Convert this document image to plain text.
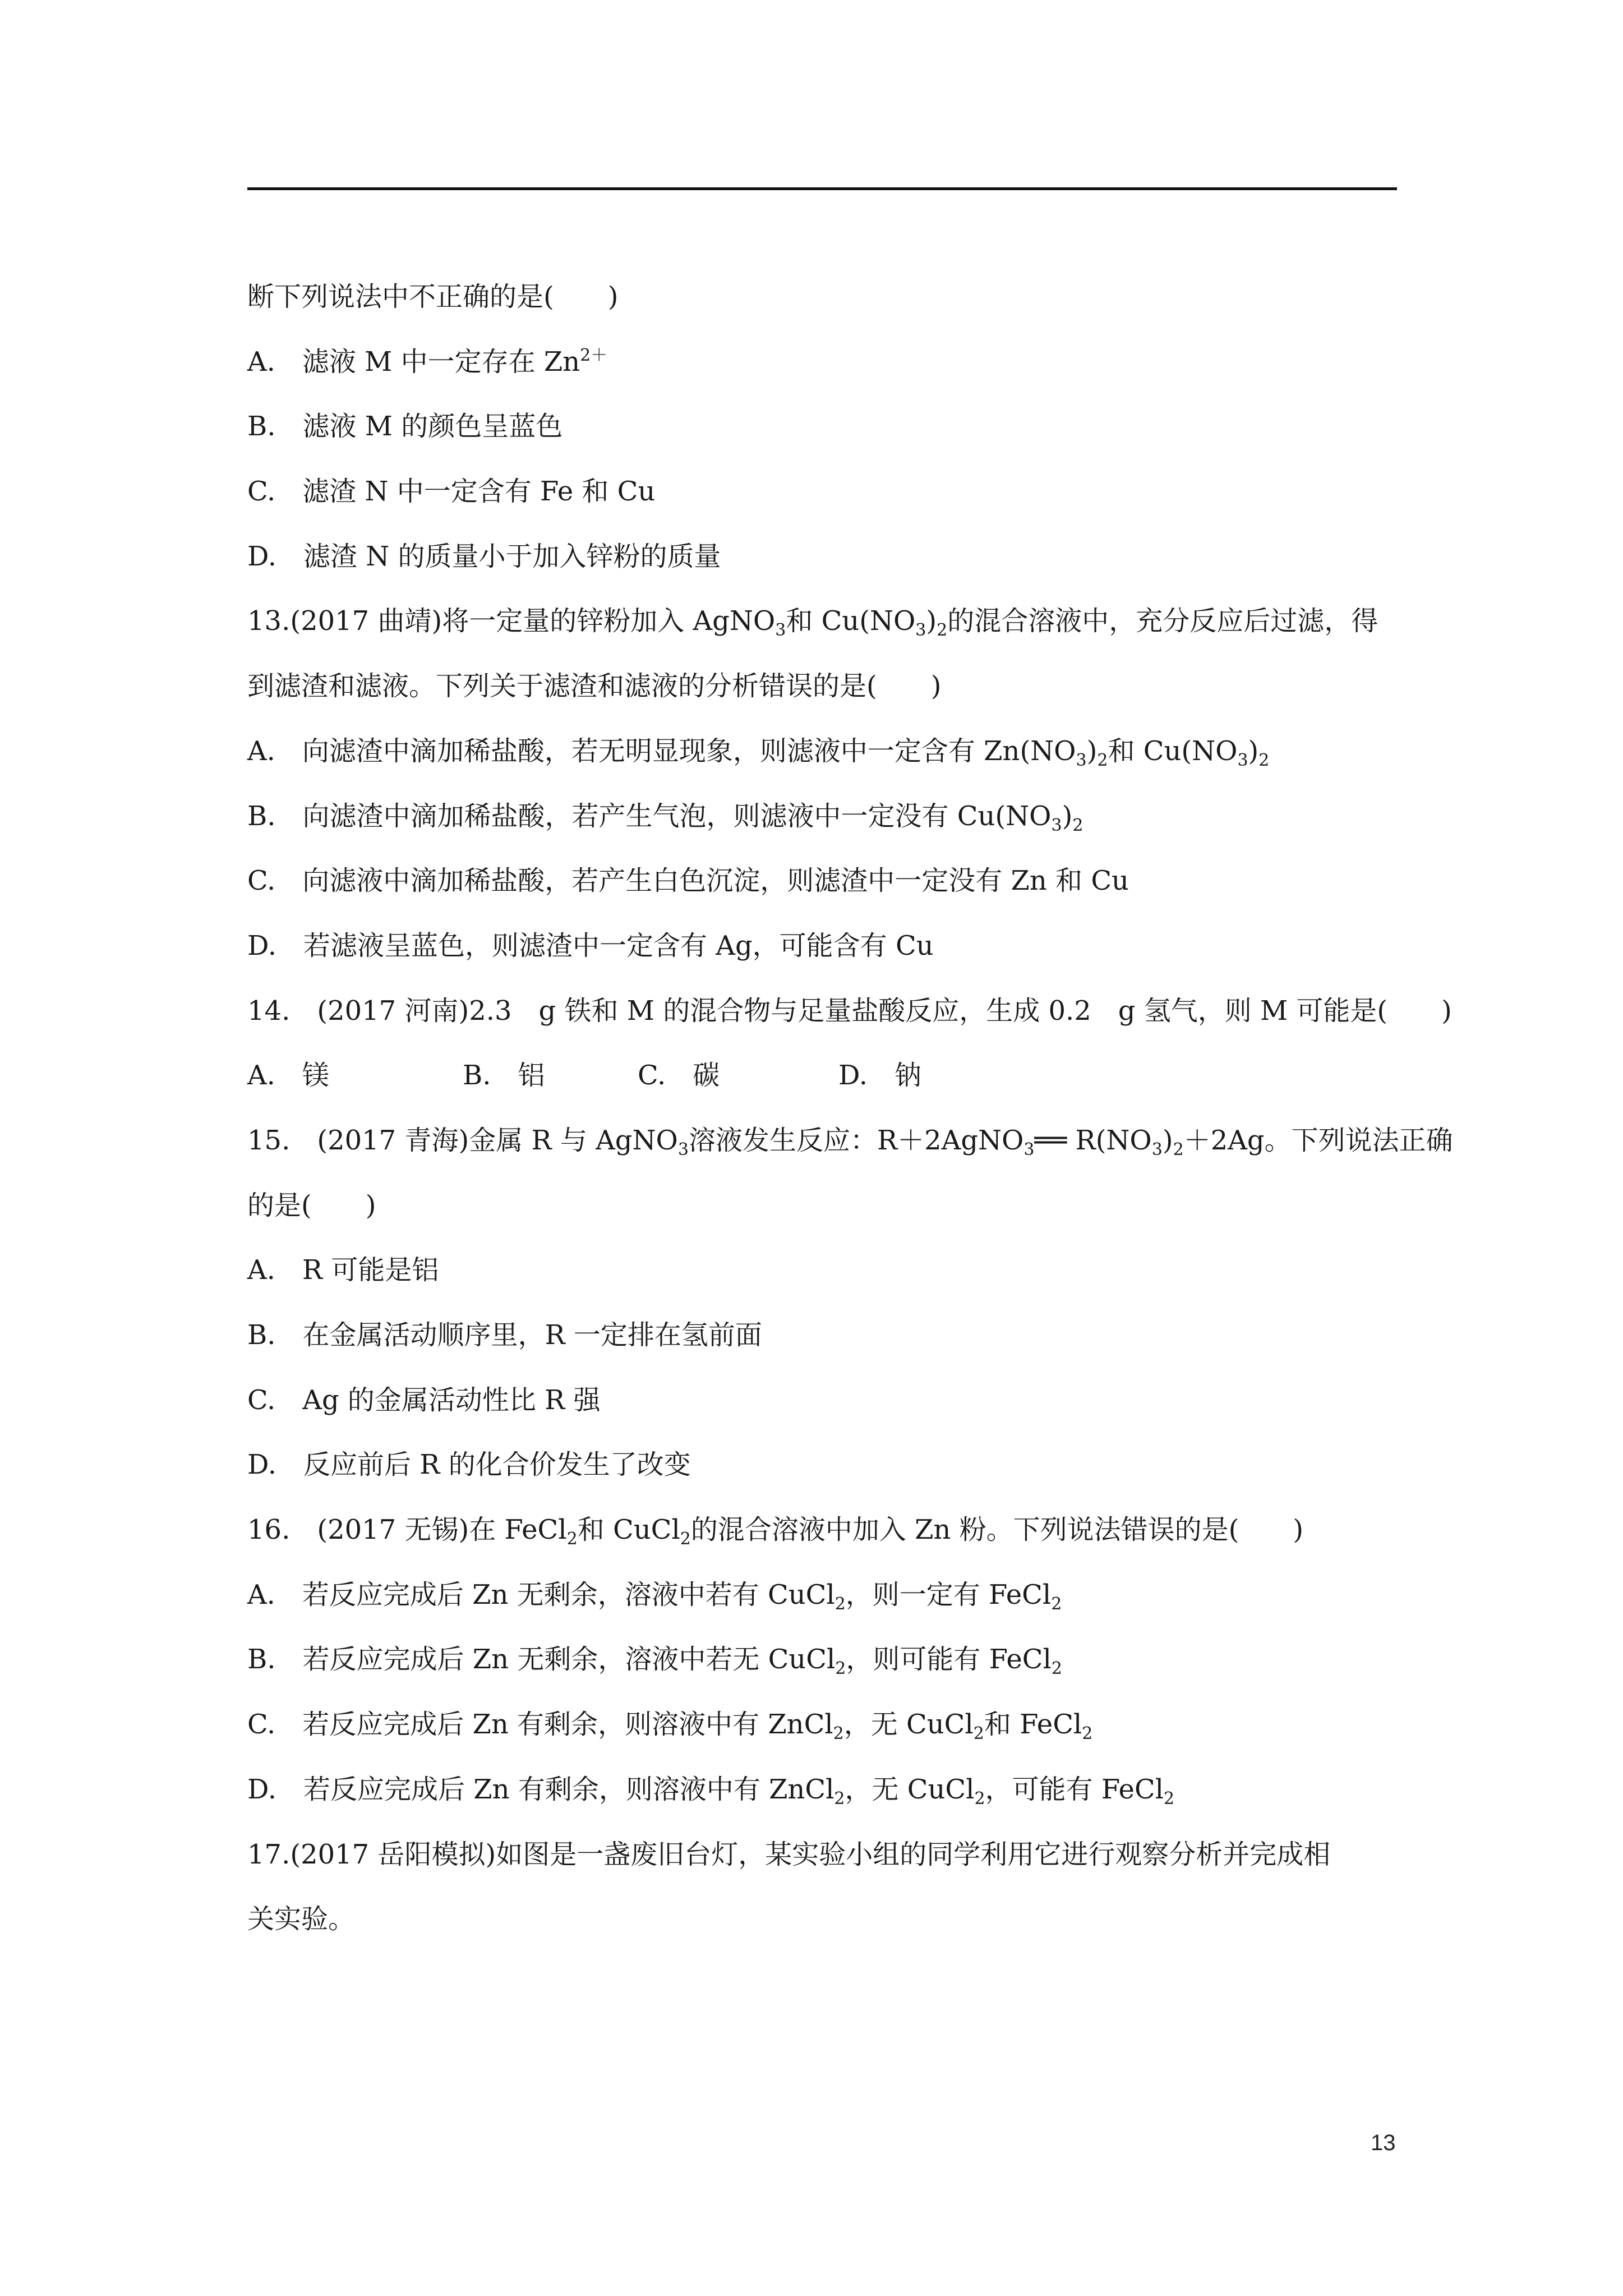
断下列说法中不正确的是(　　)
A.　滤液 M 中一定存在 $Zn^{2+}$
B.　滤液 M 的颜色呈蓝色
C.　滤渣 N 中一定含有 Fe 和 Cu
D.　滤渣 N 的质量小于加入锌粉的质量
13.(2017 曲靖)将一定量的锌粉加入 AgNO$_3$和 $Cu(NO_3)_2$的混合溶液中，充分反应后过滤，得
到滤渣和滤液。下列关于滤渣和滤液的分析错误的是(　　)
A.　向滤渣中滴加稀盐酸，若无明显现象，则滤液中一定含有 $Zn(NO_3)_2$和 $Cu(NO_3)_2$
B.　向滤渣中滴加稀盐酸，若产生气泡，则滤液中一定没有 $Cu(NO_3)_2$
C.　向滤液中滴加稀盐酸，若产生白色沉淀，则滤渣中一定没有 Zn 和 Cu
D.　若滤液呈蓝色，则滤渣中一定含有 Ag，可能含有 Cu
14.　(2017 河南)2.3　g 铁和 M 的混合物与足量盐酸反应，生成 0.2　g 氢气，则 M 可能是(　　)
A.　镁	B.　铝	C.　碳	D.　钠
15.　(2017 青海)金属 R 与 AgNO$_3$溶液发生反应：R＋2AgNO$_3$══ $R(NO_3)_2+2Ag$。下列说法正确
的是(　　)
A.　R 可能是铝
B.　在金属活动顺序里，R 一定排在氢前面
C.　Ag 的金属活动性比 R 强
D.　反应前后 R 的化合价发生了改变
16.　(2017 无锡)在 FeCl$_2$和 CuCl$_2$的混合溶液中加入 Zn 粉。下列说法错误的是(　　)
A.　若反应完成后 Zn 无剩余，溶液中若有 CuCl$_2$，则一定有 FeCl$_2$
B.　若反应完成后 Zn 无剩余，溶液中若无 CuCl$_2$，则可能有 FeCl$_2$
C.　若反应完成后 Zn 有剩余，则溶液中有 ZnCl$_2$，无 CuCl$_2$和 FeCl$_2$
D.　若反应完成后 Zn 有剩余，则溶液中有 ZnCl$_2$，无 CuCl$_2$，可能有 FeCl$_2$
17.(2017 岳阳模拟)如图是一盏废旧台灯，某实验小组的同学利用它进行观察分析并完成相
关实验。
13
